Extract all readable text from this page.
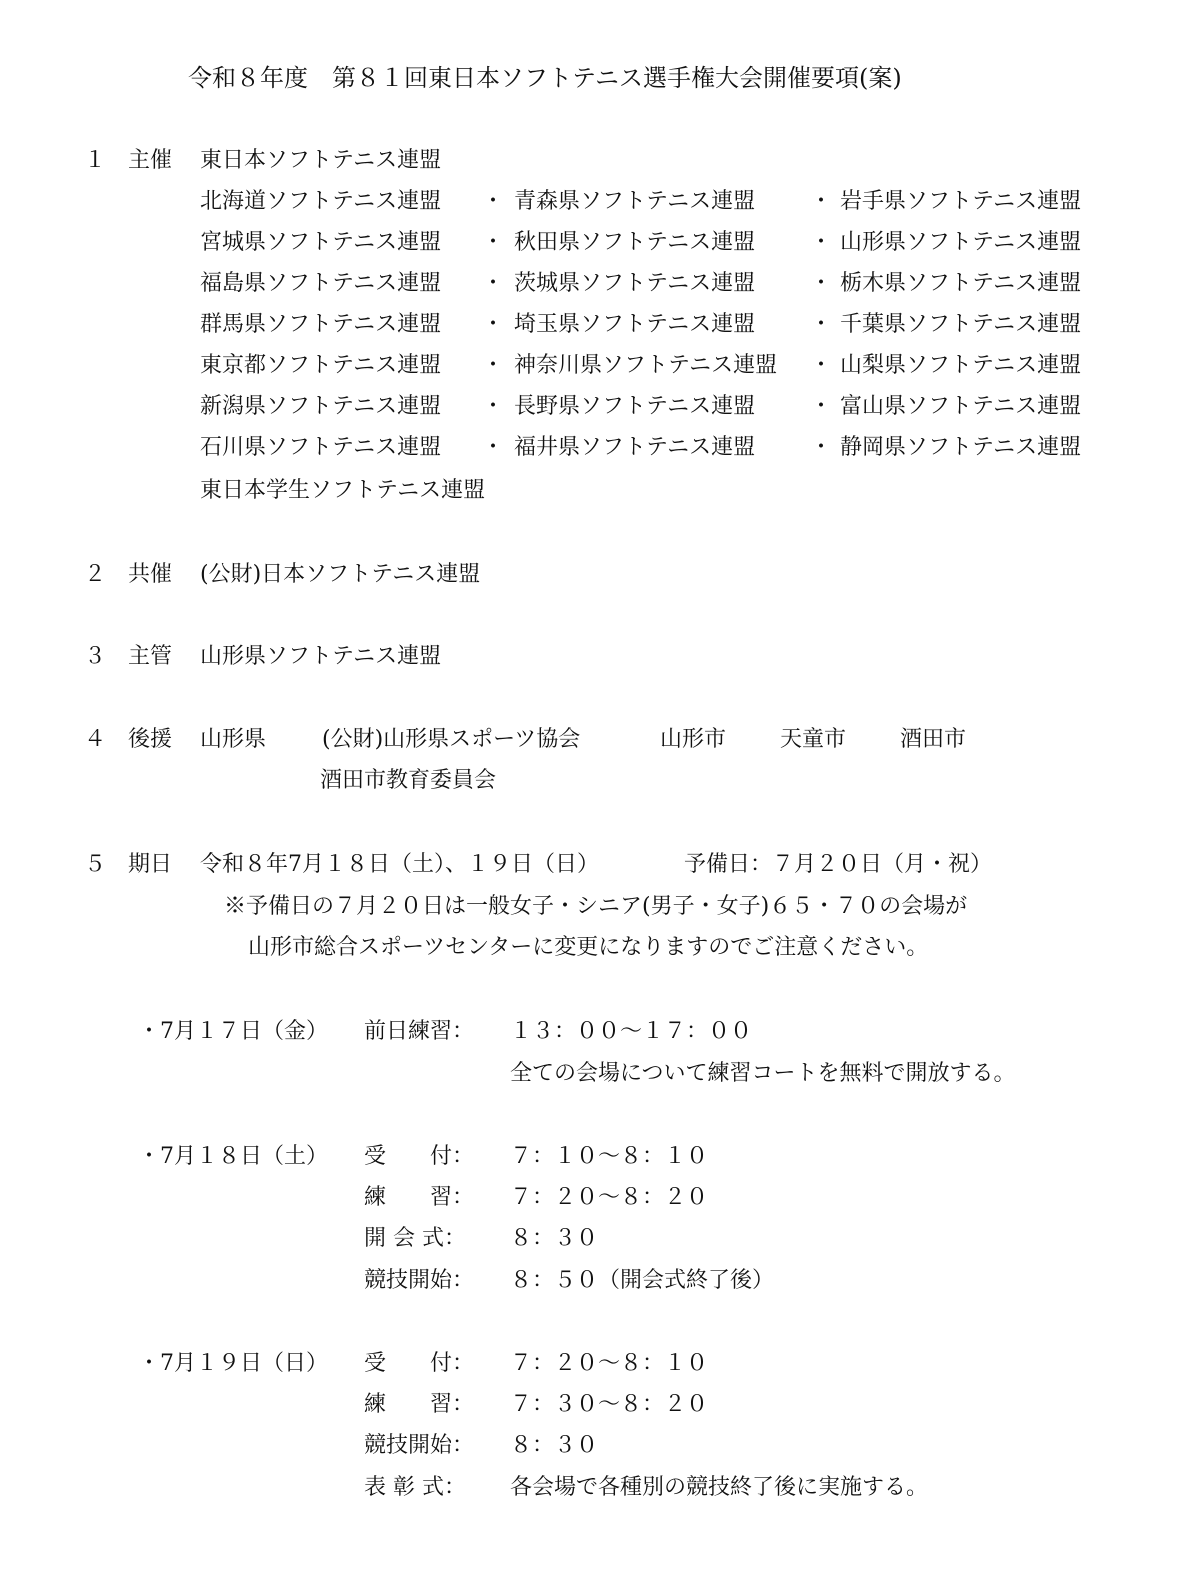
令和８年度　第８１回東日本ソフトテニス選手権大会開催要項(案)
１ 主催 東日本ソフトテニス連盟
北海道ソフトテニス連盟 ・ 青森県ソフトテニス連盟 ・ 岩手県ソフトテニス連盟
宮城県ソフトテニス連盟 ・ 秋田県ソフトテニス連盟 ・ 山形県ソフトテニス連盟
福島県ソフトテニス連盟 ・ 茨城県ソフトテニス連盟 ・ 栃木県ソフトテニス連盟
群馬県ソフトテニス連盟 ・ 埼玉県ソフトテニス連盟 ・ 千葉県ソフトテニス連盟
東京都ソフトテニス連盟 ・ 神奈川県ソフトテニス連盟 ・ 山梨県ソフトテニス連盟
新潟県ソフトテニス連盟 ・ 長野県ソフトテニス連盟 ・ 富山県ソフトテニス連盟
石川県ソフトテニス連盟 ・ 福井県ソフトテニス連盟 ・ 静岡県ソフトテニス連盟
東日本学生ソフトテニス連盟
２ 共催 (公財)日本ソフトテニス連盟
３ 主管 山形県ソフトテニス連盟
４ 後援 山形県	(公財)山形県スポーツ協会	山形市 天童市 酒田市
酒田市教育委員会
５ 期日 令和８年7月１８日（土）、１９日（日）	予備日：７月２０日（月・祝）
※予備日の７月２０日は一般女子・シニア(男子・女子)６５・７０の会場が
山形市総合スポーツセンターに変更になりますのでご注意ください。
・7月１７日（金） 前日練習： １３：００～１７：００
全ての会場について練習コートを無料で開放する。
・7月１８日（土） 受　　付： ７：１０～８：１０
練　　習： ７：２０～８：２０
開 会 式： ８：３０
競技開始： ８：５０（開会式終了後）
・7月１９日（日） 受　　付： ７：２０～８：１０
練　　習： ７：３０～８：２０
競技開始： ８：３０
表 彰 式： 各会場で各種別の競技終了後に実施する。
